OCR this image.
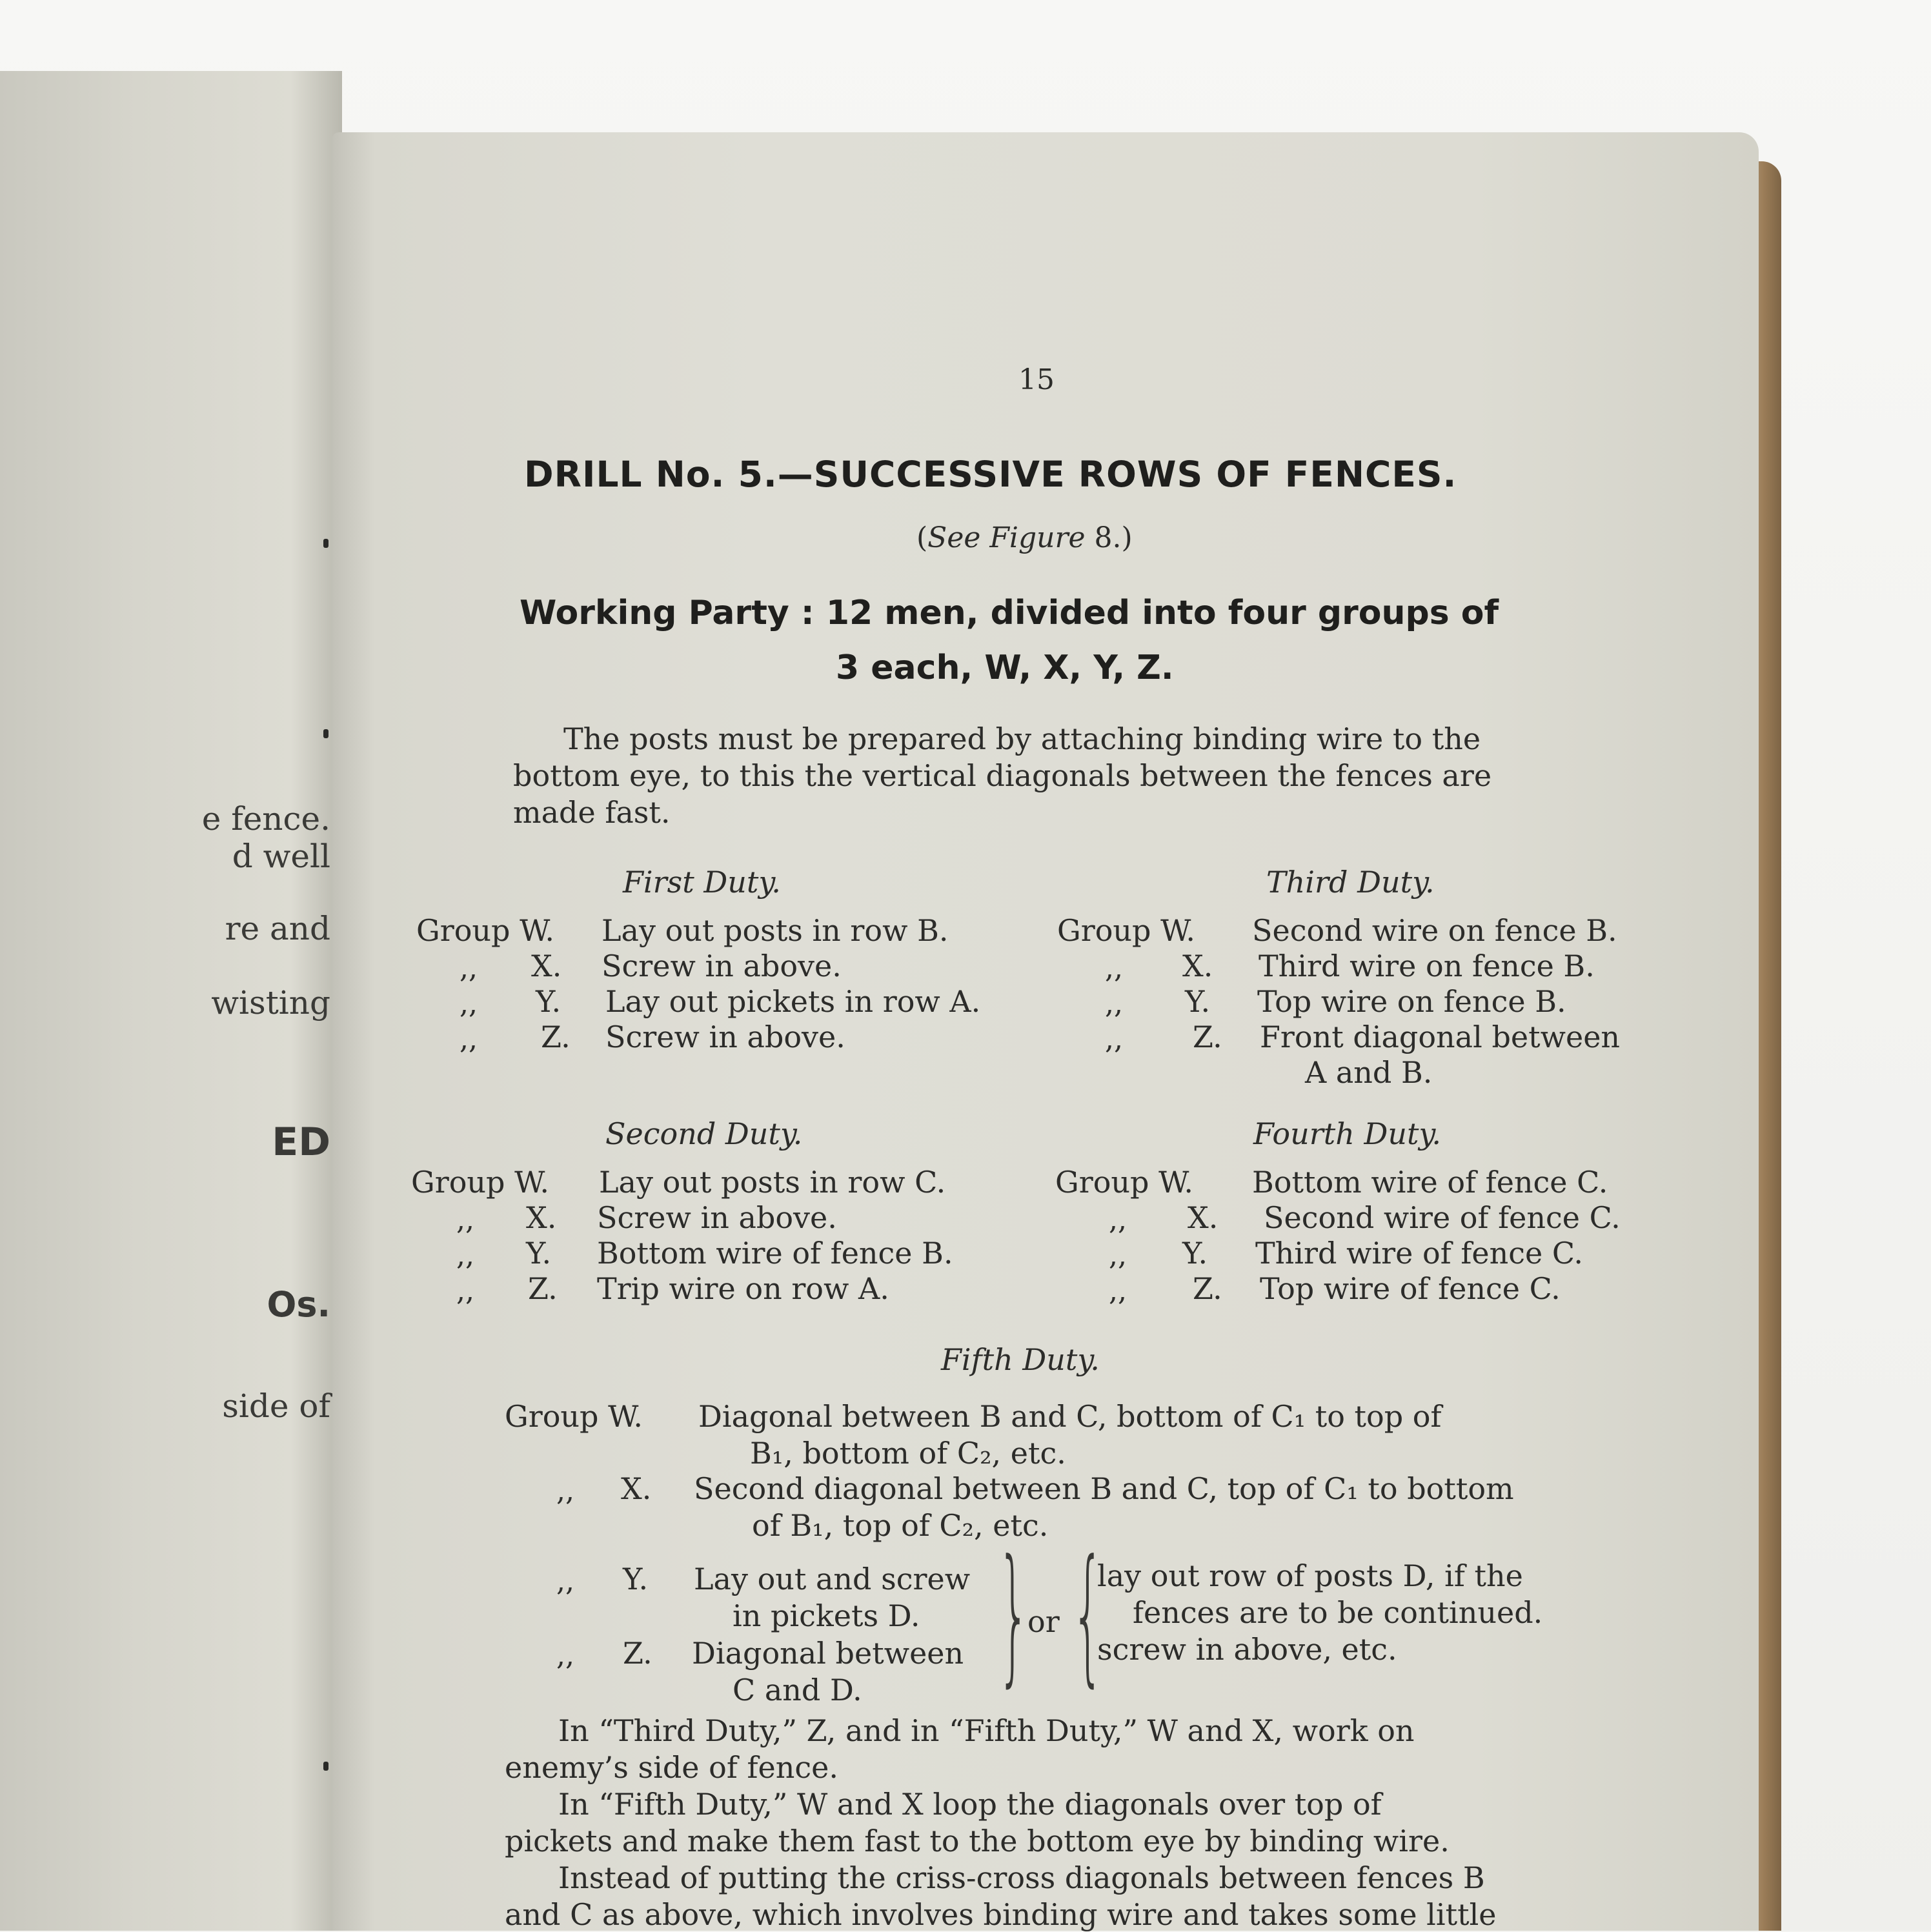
e fence.
d well
re and
wisting
ED
Os.
side of
15
DRILL No. 5.—SUCCESSIVE ROWS OF FENCES.
(See Figure 8.)
Working Party : 12 men, divided into four groups of
3 each, W, X, Y, Z.
The posts must be prepared by attaching binding wire to the
bottom eye, to this the vertical diagonals between the fences are
made fast.
First Duty.
Group W. Lay out posts in row B.
,, X. Screw in above.
,, Y. Lay out pickets in row A.
,, Z. Screw in above.
Third Duty.
Group W. Second wire on fence B.
,, X. Third wire on fence B.
,, Y. Top wire on fence B.
,, Z. Front diagonal between
A and B.
Second Duty.
Group W. Lay out posts in row C.
,, X. Screw in above.
,, Y. Bottom wire of fence B.
,, Z. Trip wire on row A.
Fourth Duty.
Group W. Bottom wire of fence C.
,, X. Second wire of fence C.
,, Y. Third wire of fence C.
,, Z. Top wire of fence C.
Fifth Duty.
Group W. Diagonal between B and C, bottom of C₁ to top of
B₁, bottom of C₂, etc.
,, X. Second diagonal between B and C, top of C₁ to bottom
of B₁, top of C₂, etc.
,, Y. Lay out and screw
in pickets D.
,, Z. Diagonal between
C and D. }
or {
lay out row of posts D, if the
fences are to be continued.
screw in above, etc.
In “Third Duty,” Z, and in “Fifth Duty,” W and X, work on
enemy’s side of fence.
In “Fifth Duty,” W and X loop the diagonals over top of
pickets and make them fast to the bottom eye by binding wire.
Instead of putting the criss-cross diagonals between fences B
and C as above, which involves binding wire and takes some little
